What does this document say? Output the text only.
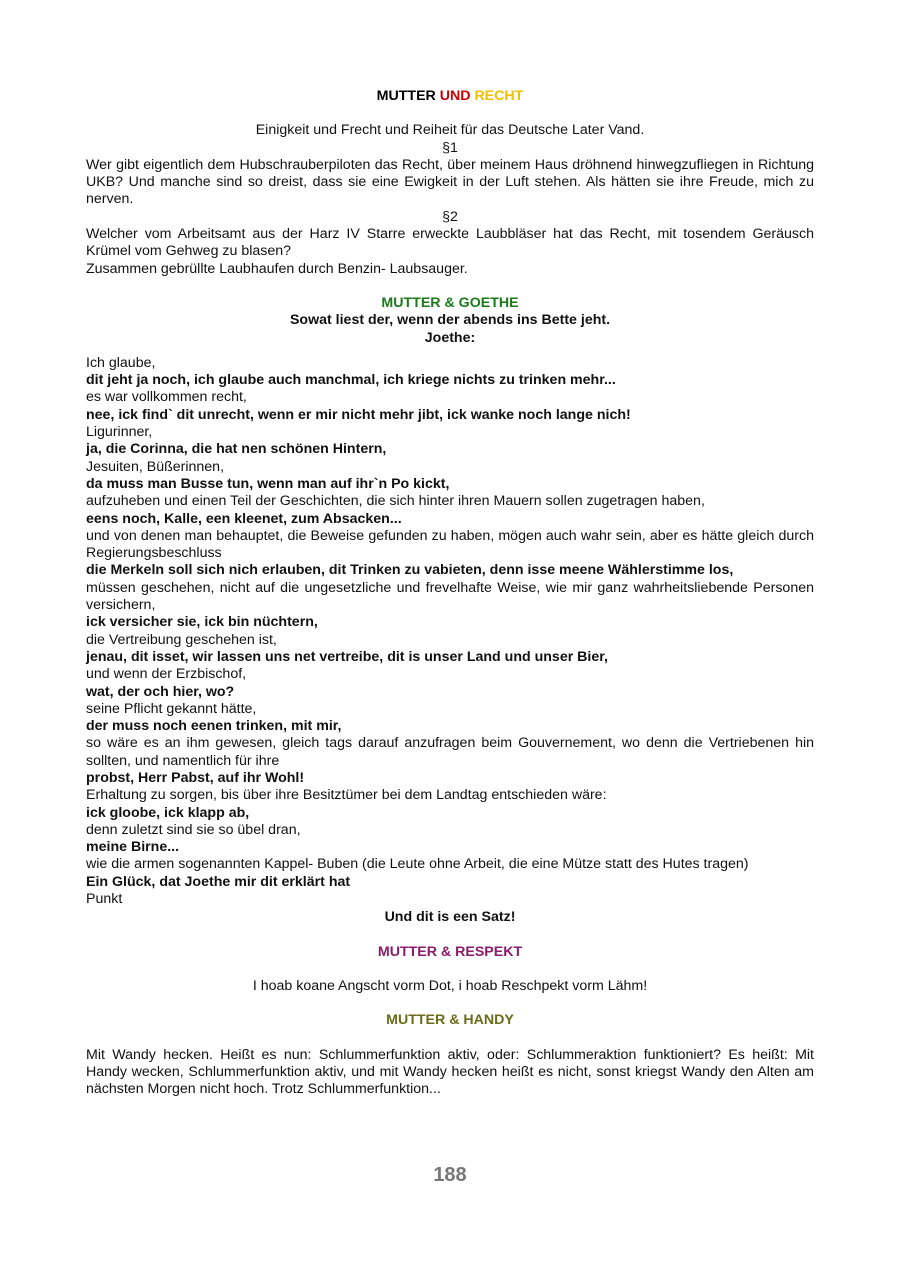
MUTTER UND RECHT

Einigkeit und Frecht und Reiheit für das Deutsche Later Vand.

§1

Wer gibt eigentlich dem Hubschrauberpiloten das Recht, über meinem Haus dröhnend hinwegzufliegen in Richtung UKB? Und manche sind so dreist, dass sie eine Ewigkeit in der Luft stehen. Als hätten sie ihre Freude, mich zu nerven.

§2

Welcher vom Arbeitsamt aus der Harz IV Starre erweckte Laubbläser hat das Recht, mit tosendem Geräusch Krümel vom Gehweg zu blasen?

Zusammen gebrüllte Laubhaufen durch Benzin- Laubsauger.

MUTTER & GOETHE

Sowat liest der, wenn der abends ins Bette jeht.

Joethe:

Ich glaube,

dit jeht ja noch, ich glaube auch manchmal, ich kriege nichts zu trinken mehr...

es war vollkommen recht,

nee, ick find` dit unrecht, wenn er mir nicht mehr jibt, ick wanke noch lange nich!

Ligurinner,

ja, die Corinna, die hat nen schönen Hintern,

Jesuiten, Büßerinnen,

da muss man Busse tun, wenn man auf ihr`n Po kickt,

aufzuheben und einen Teil der Geschichten, die sich hinter ihren Mauern sollen zugetragen haben,

eens noch, Kalle, een kleenet, zum Absacken...

und von denen man behauptet, die Beweise gefunden zu haben, mögen auch wahr sein, aber es hätte gleich durch Regierungsbeschluss

die Merkeln soll sich nich erlauben, dit Trinken zu vabieten, denn isse meene Wählerstimme los,

müssen geschehen, nicht auf die ungesetzliche und frevelhafte Weise, wie mir ganz wahrheitsliebende Personen versichern,

ick versicher sie, ick bin nüchtern,

die Vertreibung geschehen ist,

jenau, dit isset, wir lassen uns net vertreibe, dit is unser Land und unser Bier,

und wenn der Erzbischof,

wat, der och hier, wo?

seine Pflicht gekannt hätte,

der muss noch eenen trinken, mit mir,

so wäre es an ihm gewesen, gleich tags darauf anzufragen beim Gouvernement, wo denn die Vertriebenen hin sollten, und namentlich für ihre

probst, Herr Pabst, auf ihr Wohl!

Erhaltung zu sorgen, bis über ihre Besitztümer bei dem Landtag entschieden wäre:

ick gloobe, ick klapp ab,

denn zuletzt sind sie so übel dran,

meine Birne...

wie die armen sogenannten Kappel- Buben (die Leute ohne Arbeit, die eine Mütze statt des Hutes tragen)

Ein Glück, dat Joethe mir dit erklärt hat

Punkt

Und dit is een Satz!

MUTTER & RESPEKT

I hoab koane Angscht vorm Dot, i hoab Reschpekt vorm Lähm!

MUTTER & HANDY

Mit Wandy hecken. Heißt es nun: Schlummerfunktion aktiv, oder: Schlummeraktion funktioniert? Es heißt: Mit Handy wecken, Schlummerfunktion aktiv, und mit Wandy hecken heißt es nicht, sonst kriegst Wandy den Alten am nächsten Morgen nicht hoch. Trotz Schlummerfunktion...

188
